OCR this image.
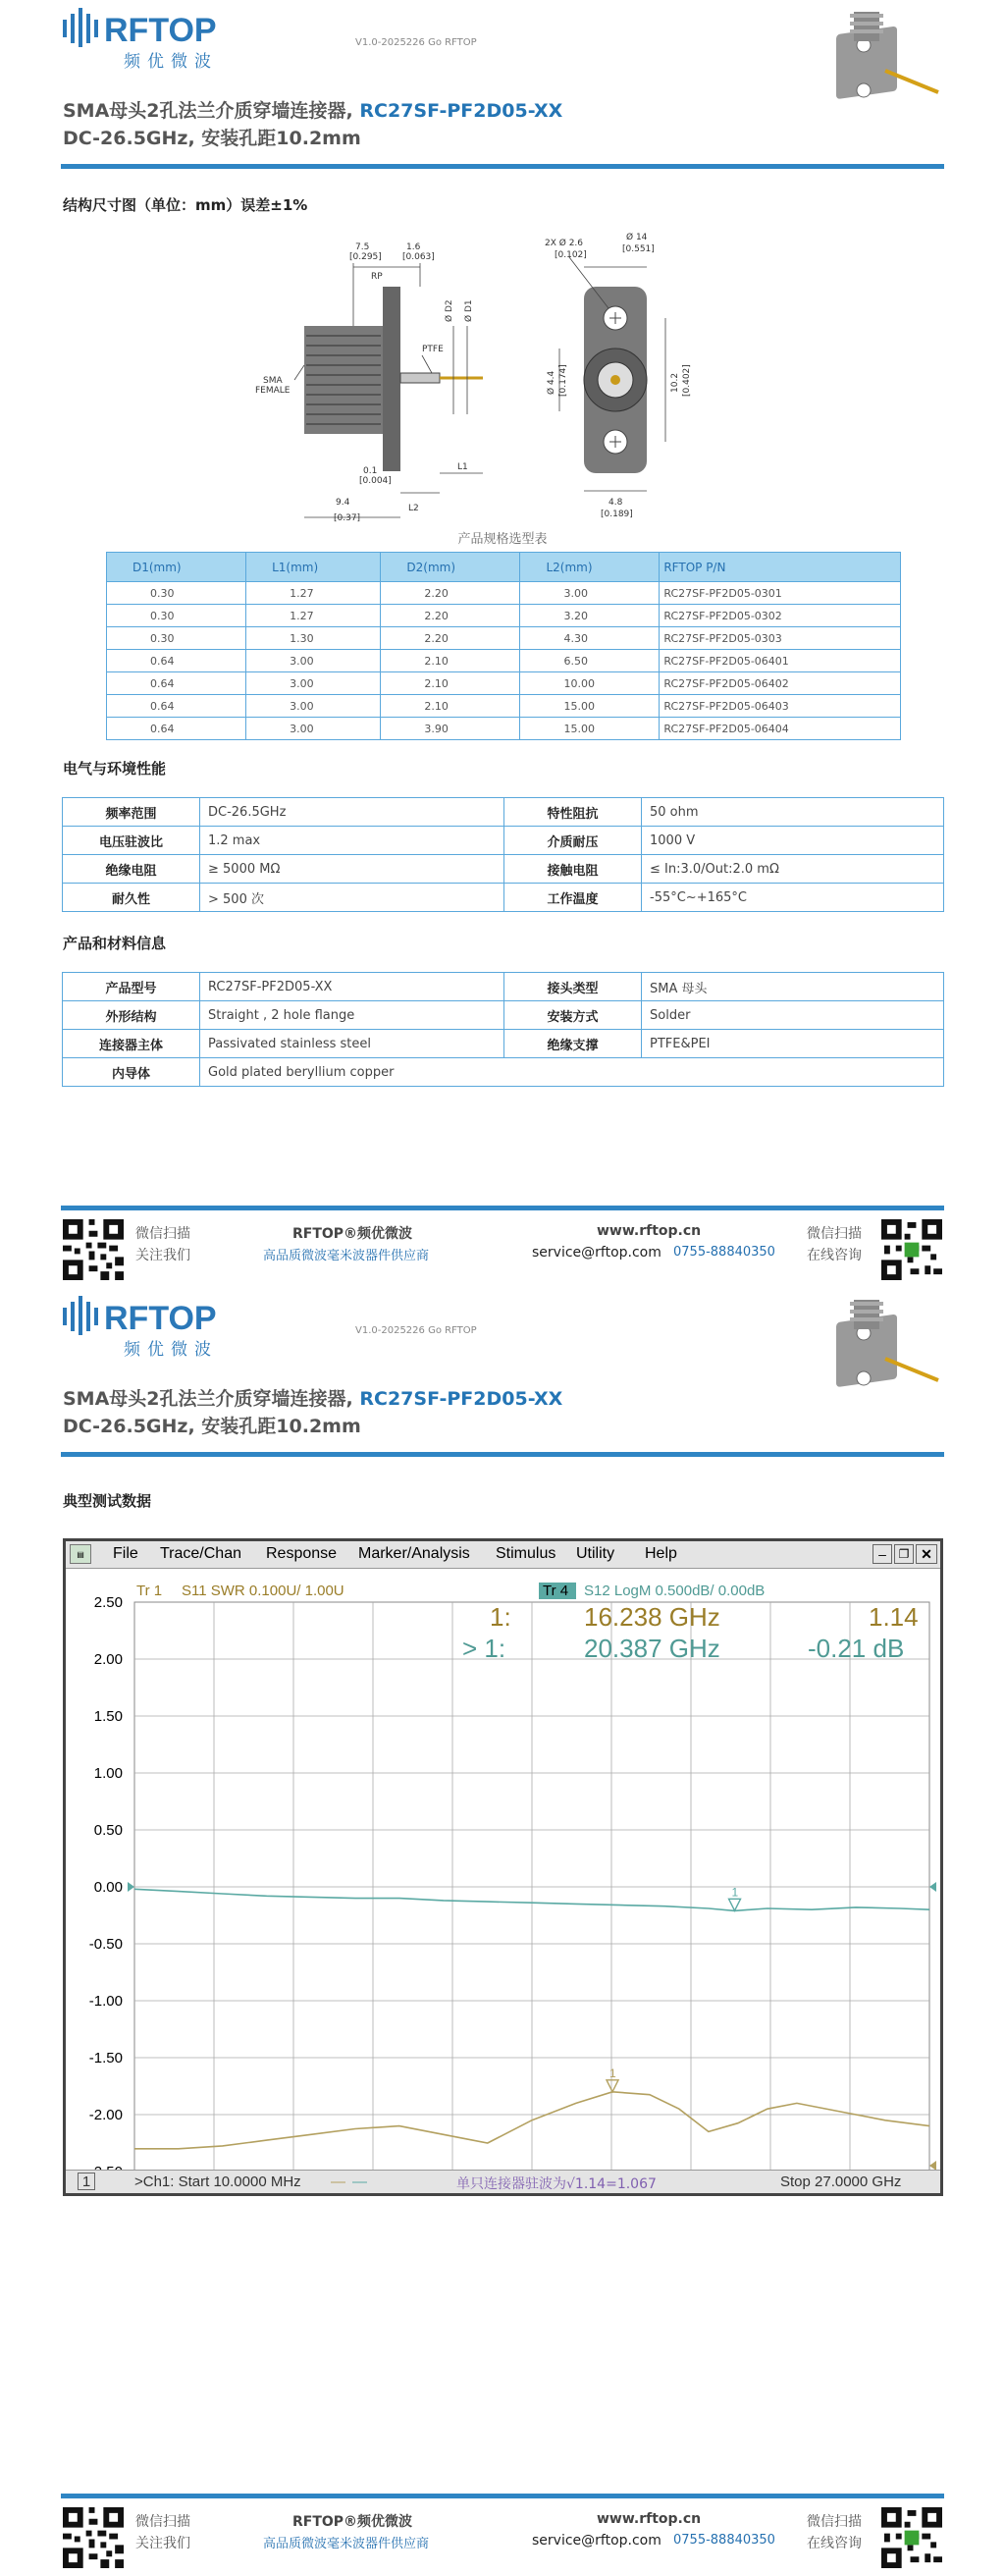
RFTOP
频优微波
V1.0-2025226 Go RFTOP
SMA母头2孔法兰介质穿墙连接器, RC27SF-PF2D05-XX
DC-26.5GHz, 安装孔距10.2mm
结构尺寸图（单位：mm）误差±1%
7.5
[0.295]
RP
1.6
[0.063]
PTFE
SMA
FEMALE
Ø D2 Ø D1
0.1
[0.004]
L2
L1
9.4
[0.37]
2X Ø 2.6
[0.102]
Ø 14
[0.551]
Ø 4.4 [0.174]	10.2 [0.402]
4.8
[0.189]
产品规格选型表
D1(mm)	L1(mm)	D2(mm)	L2(mm)	RFTOP P/N
0.30	1.27	2.20	3.00	RC27SF-PF2D05-0301
0.30	1.27	2.20	3.20	RC27SF-PF2D05-0302
0.30	1.30	2.20	4.30	RC27SF-PF2D05-0303
0.64	3.00	2.10	6.50	RC27SF-PF2D05-06401
0.64	3.00	2.10	10.00	RC27SF-PF2D05-06402
0.64	3.00	2.10	15.00	RC27SF-PF2D05-06403
0.64	3.00	3.90	15.00	RC27SF-PF2D05-06404
电气与环境性能
频率范围	DC-26.5GHz	特性阻抗	50 ohm
电压驻波比	1.2 max	介质耐压	1000 V
绝缘电阻	≥ 5000 MΩ	接触电阻	≤ In:3.0/Out:2.0 mΩ
耐久性	> 500 次	工作温度	-55°C~+165°C
产品和材料信息
产品型号	RC27SF-PF2D05-XX	接头类型	SMA 母头
外形结构	Straight , 2 hole flange	安装方式	Solder
连接器主体	Passivated stainless steel	绝缘支撑	PTFE&PEI
内导体	Gold plated beryllium copper		
微信扫描
关注我们
RFTOP®频优微波
高品质微波毫米波器件供应商
www.rftop.cn
service@rftop.com 0755-88840350
微信扫描
在线咨询
RFTOP
频优微波
V1.0-2025226 Go RFTOP
SMA母头2孔法兰介质穿墙连接器, RC27SF-PF2D05-XX
DC-26.5GHz, 安装孔距10.2mm
典型测试数据
▤	File Trace/Chan Response Marker/Analysis Stimulus Utility Help	–	❐ ✕
2.50
2.00
1.50
1.00
0.50
0.00
-0.50
-1.00
-1.50
-2.00
1
1
Tr 1 S11 SWR 0.100U/ 1.00U	Tr 4 S12 LogM 0.500dB/ 0.00dB
1:	16.238 GHz	1.14
> 1:	20.387 GHz	-0.21 dB
1	>Ch1: Start 10.0000 MHz — —	单只连接器驻波为√1.14=1.067	Stop 27.0000 GHz
微信扫描
关注我们
RFTOP®频优微波
高品质微波毫米波器件供应商
www.rftop.cn
service@rftop.com 0755-88840350
微信扫描
在线咨询
